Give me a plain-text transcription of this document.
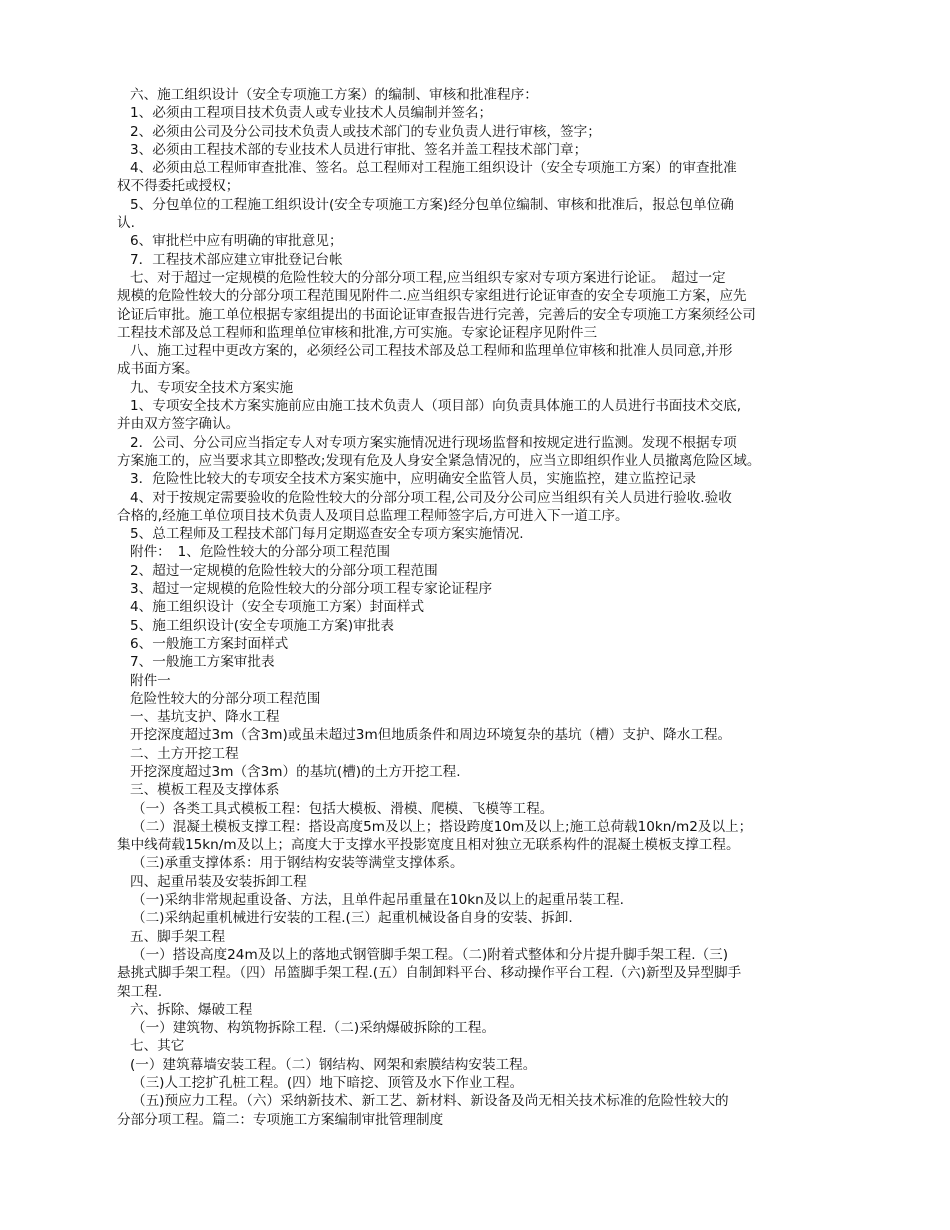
六、施工组织设计（安全专项施工方案）的编制、审核和批准程序：
1、必须由工程项目技术负责人或专业技术人员编制并签名；
2、必须由公司及分公司技术负责人或技术部门的专业负责人进行审核，签字；
3、必须由工程技术部的专业技术人员进行审批、签名并盖工程技术部门章；
4、必须由总工程师审查批准、签名。总工程师对工程施工组织设计（安全专项施工方案）的审查批准
权不得委托或授权；
5、分包单位的工程施工组织设计(安全专项施工方案)经分包单位编制、审核和批准后，报总包单位确
认.
6、审批栏中应有明确的审批意见；
7．工程技术部应建立审批登记台帐
七、对于超过一定规模的危险性较大的分部分项工程,应当组织专家对专项方案进行论证。　超过一定
规模的危险性较大的分部分项工程范围见附件二.应当组织专家组进行论证审查的安全专项施工方案，应先
论证后审批。施工单位根据专家组提出的书面论证审查报告进行完善，完善后的安全专项施工方案须经公司
工程技术部及总工程师和监理单位审核和批准,方可实施。专家论证程序见附件三
八、施工过程中更改方案的，必须经公司工程技术部及总工程师和监理单位审核和批准人员同意,并形
成书面方案。
九、专项安全技术方案实施
1、专项安全技术方案实施前应由施工技术负责人（项目部）向负责具体施工的人员进行书面技术交底,
并由双方签字确认。
2．公司、分公司应当指定专人对专项方案实施情况进行现场监督和按规定进行监测。发现不根据专项
方案施工的，应当要求其立即整改;发现有危及人身安全紧急情况的，应当立即组织作业人员撤离危险区域。
3．危险性比较大的专项安全技术方案实施中，应明确安全监管人员，实施监控，建立监控记录
4、对于按规定需要验收的危险性较大的分部分项工程,公司及分公司应当组织有关人员进行验收.验收
合格的,经施工单位项目技术负责人及项目总监理工程师签字后,方可进入下一道工序。
5、总工程师及工程技术部门每月定期巡查安全专项方案实施情况.
附件：　1、危险性较大的分部分项工程范围
2、超过一定规模的危险性较大的分部分项工程范围
3、超过一定规模的危险性较大的分部分项工程专家论证程序
4、施工组织设计（安全专项施工方案）封面样式
5、施工组织设计(安全专项施工方案)审批表
6、一般施工方案封面样式
7、一般施工方案审批表
附件一
危险性较大的分部分项工程范围
一、基坑支护、降水工程
开挖深度超过3m（含3m)或虽未超过3m但地质条件和周边环境复杂的基坑（槽）支护、降水工程。
二、土方开挖工程
开挖深度超过3m（含3m）的基坑(槽)的土方开挖工程.
三、模板工程及支撑体系
（一）各类工具式模板工程：包括大模板、滑模、爬模、飞模等工程。
（二）混凝土模板支撑工程：搭设高度5m及以上；搭设跨度10m及以上;施工总荷载10kn/m2及以上；
集中线荷载15kn/m及以上；高度大于支撑水平投影宽度且相对独立无联系构件的混凝土模板支撑工程。
（三)承重支撑体系：用于钢结构安装等满堂支撑体系。
四、起重吊装及安装拆卸工程
（一)采纳非常规起重设备、方法，且单件起吊重量在10kn及以上的起重吊装工程.
（二)采纳起重机械进行安装的工程.(三）起重机械设备自身的安装、拆卸.
五、脚手架工程
（一）搭设高度24m及以上的落地式钢管脚手架工程。（二)附着式整体和分片提升脚手架工程.（三)
悬挑式脚手架工程。（四）吊篮脚手架工程.(五）自制卸料平台、移动操作平台工程.（六)新型及异型脚手
架工程.
六、拆除、爆破工程
（一）建筑物、构筑物拆除工程.（二)采纳爆破拆除的工程。
七、其它
(一）建筑幕墙安装工程。（二）钢结构、网架和索膜结构安装工程。
（三)人工挖扩孔桩工程。(四）地下暗挖、顶管及水下作业工程。
（五)预应力工程。（六）采纳新技术、新工艺、新材料、新设备及尚无相关技术标准的危险性较大的
分部分项工程。篇二：专项施工方案编制审批管理制度
